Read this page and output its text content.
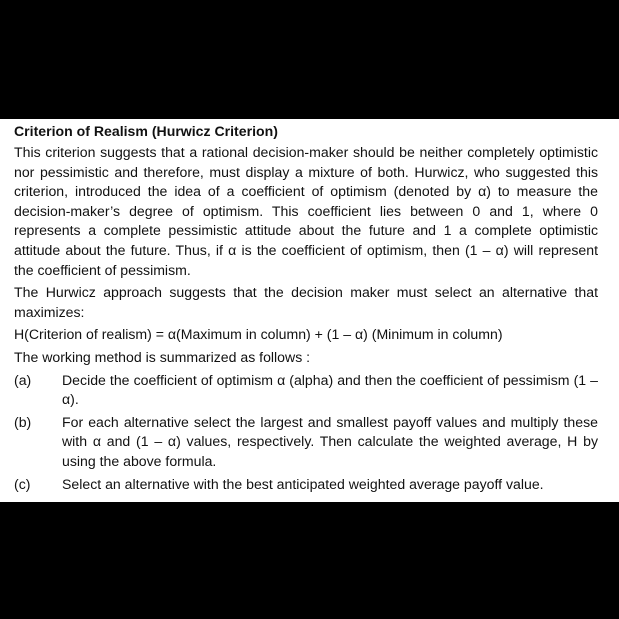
Criterion of Realism (Hurwicz Criterion)
This criterion suggests that a rational decision-maker should be neither completely optimistic nor pessimistic and therefore, must display a mixture of both. Hurwicz, who suggested this criterion, introduced the idea of a coefficient of optimism (denoted by α) to measure the decision-maker’s degree of optimism. This coefficient lies between 0 and 1, where 0 represents a complete pessimistic attitude about the future and 1 a complete optimistic attitude about the future. Thus, if α is the coefficient of optimism, then (1 – α) will represent the coefficient of pessimism.
The Hurwicz approach suggests that the decision maker must select an alternative that maximizes:
H(Criterion of realism) = α(Maximum in column) + (1 – α) (Minimum in column)
The working method is summarized as follows :
(a)	Decide the coefficient of optimism α (alpha) and then the coefficient of pessimism (1 – α).
(b)	For each alternative select the largest and smallest payoff values and multiply these with α and (1 – α) values, respectively. Then calculate the weighted average, H by using the above formula.
(c)	Select an alternative with the best anticipated weighted average payoff value.
